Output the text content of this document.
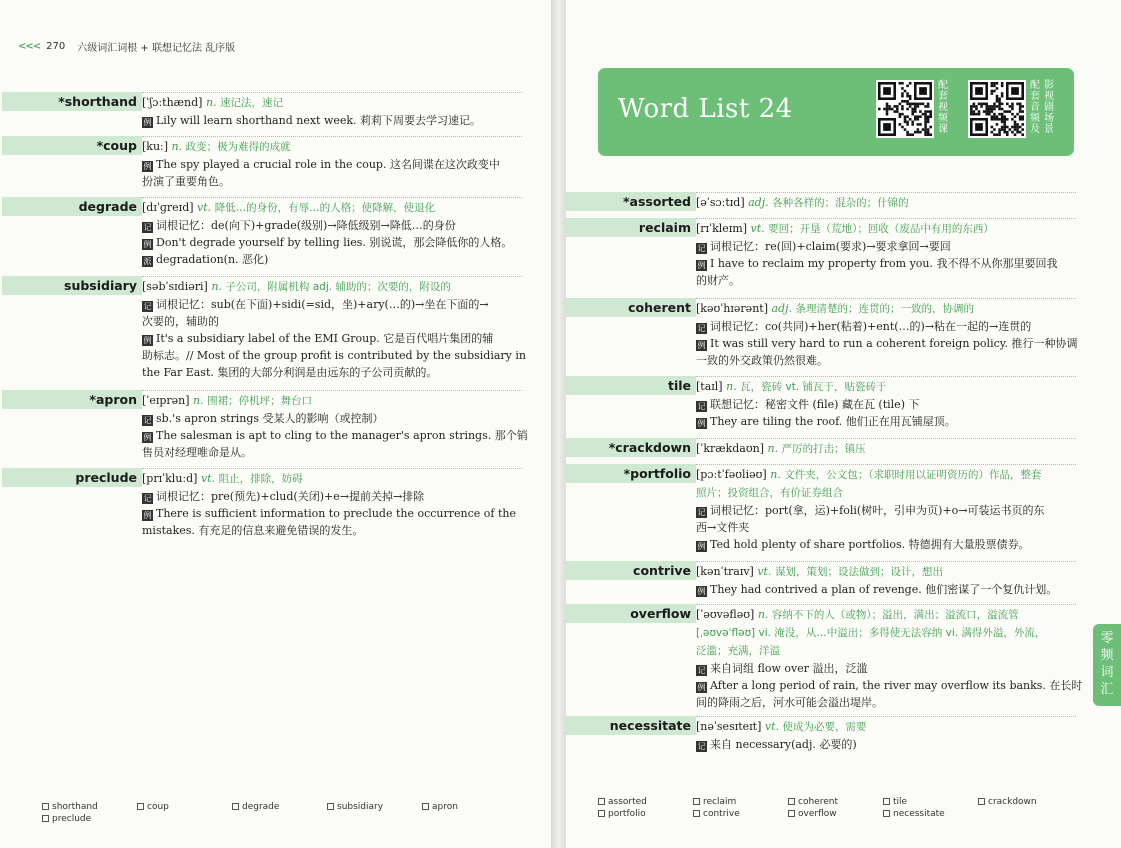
<<< 270 六级词汇词根 + 联想记忆法 乱序版
*shorthand [ˈʃɔːthænd] n. 速记法，速记
例 Lily will learn shorthand next week. 莉莉下周要去学习速记。
*coup [kuː] n. 政变；极为难得的成就
例 The spy played a crucial role in the coup. 这名间谍在这次政变中
扮演了重要角色。
degrade [dɪˈɡreɪd] vt. 降低…的身份，有辱…的人格；使降解，使退化
记 词根记忆：de(向下)+grade(级别)→降低级别→降低…的身份
例 Don't degrade yourself by telling lies. 别说谎，那会降低你的人格。
派 degradation(n. 恶化)
subsidiary [səbˈsɪdiəri] n. 子公司，附属机构 adj. 辅助的；次要的，附设的
记 词根记忆：sub(在下面)+sidi(=sid，坐)+ary(…的)→坐在下面的→
次要的，辅助的
例 It's a subsidiary label of the EMI Group. 它是百代唱片集团的辅
助标志。// Most of the group profit is contributed by the subsidiary in
the Far East. 集团的大部分利润是由远东的子公司贡献的。
*apron [ˈeɪprən] n. 围裙；停机坪；舞台口
记 sb.'s apron strings 受某人的影响（或控制）
例 The salesman is apt to cling to the manager's apron strings. 那个销
售员对经理唯命是从。
preclude [prɪˈkluːd] vt. 阻止，排除，妨碍
记 词根记忆：pre(预先)+clud(关闭)+e→提前关掉→排除
例 There is sufficient information to preclude the occurrence of the
mistakes. 有充足的信息来避免错误的发生。
shorthand	coup	degrade	subsidiary	apron
preclude
Word List 24
配
套
视
频
课
配
套
音
频
及
影
视
剧
场
景
*assorted [əˈsɔːtɪd] adj. 各种各样的；混杂的；什锦的
reclaim [rɪˈkleɪm] vt. 要回；开垦（荒地）；回收（废品中有用的东西）
记 词根记忆：re(回)+claim(要求)→要求拿回→要回
例 I have to reclaim my property from you. 我不得不从你那里要回我
的财产。
coherent [kəʊˈhɪərənt] adj. 条理清楚的；连贯的；一致的，协调的
记 词根记忆：co(共同)+her(粘着)+ent(…的)→粘在一起的→连贯的
例 It was still very hard to run a coherent foreign policy. 推行一种协调
一致的外交政策仍然很难。
tile [taɪl] n. 瓦，瓷砖 vt. 铺瓦于，贴瓷砖于
记 联想记忆：秘密文件 (file) 藏在瓦 (tile) 下
例 They are tiling the roof. 他们正在用瓦铺屋顶。
*crackdown [ˈkrækdaʊn] n. 严厉的打击；镇压
*portfolio [pɔːtˈfəʊliəʊ] n. 文件夹，公文包；（求职时用以证明资历的）作品，整套
照片；投资组合，有价证券组合
记 词根记忆：port(拿，运)+foli(树叶，引申为页)+o→可装运书页的东
西→文件夹
例 Ted hold plenty of share portfolios. 特德拥有大量股票债券。
contrive [kənˈtraɪv] vt. 谋划，策划；设法做到；设计，想出
例 They had contrived a plan of revenge. 他们密谋了一个复仇计划。
overflow [ˈəʊvəfləʊ] n. 容纳不下的人（或物）；溢出，满出；溢流口，溢流管
[ˌəʊvəˈfləʊ] vi. 淹没，从…中溢出；多得使无法容纳 vi. 满得外溢，外流，
泛滥；充满，洋溢
记 来自词组 flow over 溢出，泛滥
例 After a long period of rain, the river may overflow its banks. 在长时
间的降雨之后，河水可能会溢出堤岸。
necessitate [nəˈsesɪteɪt] vt. 使成为必要，需要
记 来自 necessary(adj. 必要的)
assorted	reclaim	coherent	tile	crackdown
portfolio	contrive	overflow	necessitate
零
频
词
汇
